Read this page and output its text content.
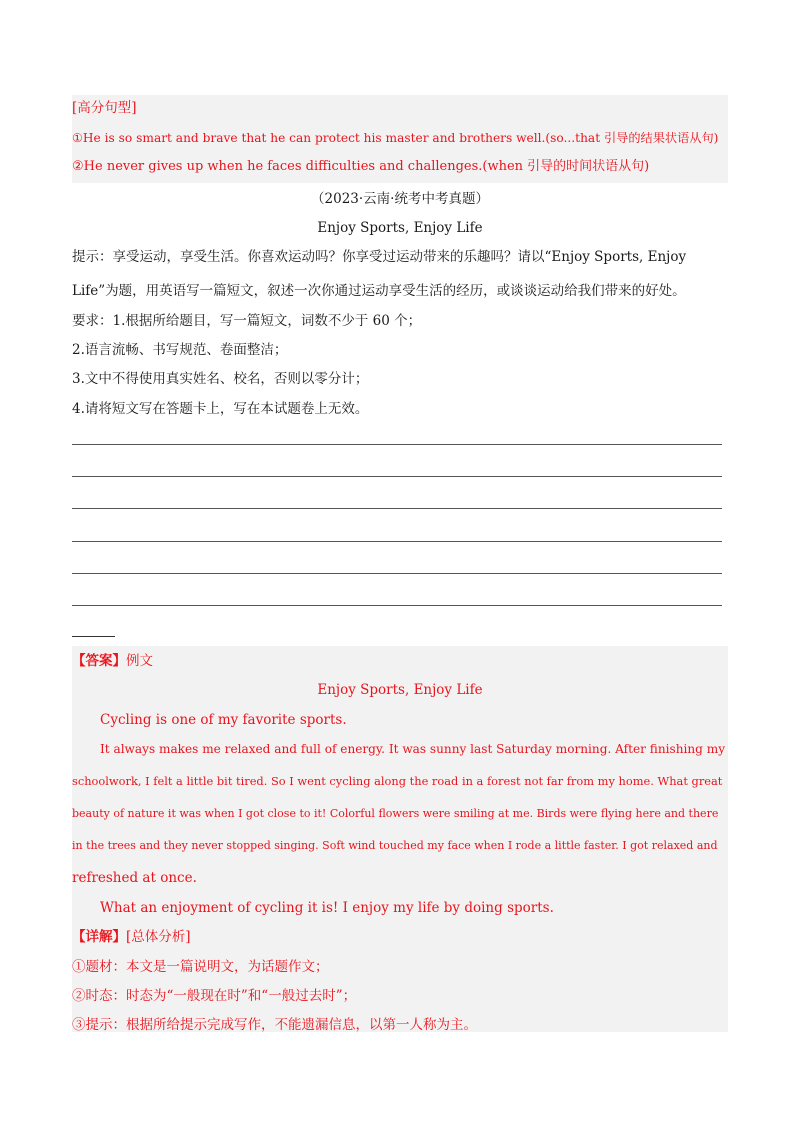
[高分句型]
①He is so smart and brave that he can protect his master and brothers well.(so...that 引导的结果状语从句)
②He never gives up when he faces difficulties and challenges.(when 引导的时间状语从句)
（2023·云南·统考中考真题）
Enjoy Sports, Enjoy Life
提示：享受运动，享受生活。你喜欢运动吗？你享受过运动带来的乐趣吗？请以“Enjoy Sports, Enjoy
Life”为题，用英语写一篇短文，叙述一次你通过运动享受生活的经历，或谈谈运动给我们带来的好处。
要求：1.根据所给题目，写一篇短文，词数不少于 60 个；
2.语言流畅、书写规范、卷面整洁；
3.文中不得使用真实姓名、校名，否则以零分计；
4.请将短文写在答题卡上，写在本试题卷上无效。
【答案】例文
Enjoy Sports, Enjoy Life
Cycling is one of my favorite sports.
It always makes me relaxed and full of energy. It was sunny last Saturday morning. After finishing my
schoolwork, I felt a little bit tired. So I went cycling along the road in a forest not far from my home. What great
beauty of nature it was when I got close to it! Colorful flowers were smiling at me. Birds were flying here and there
in the trees and they never stopped singing. Soft wind touched my face when I rode a little faster. I got relaxed and
refreshed at once.
What an enjoyment of cycling it is! I enjoy my life by doing sports.
【详解】[总体分析]
①题材：本文是一篇说明文，为话题作文；
②时态：时态为“一般现在时”和“一般过去时”；
③提示：根据所给提示完成写作，不能遗漏信息，以第一人称为主。
